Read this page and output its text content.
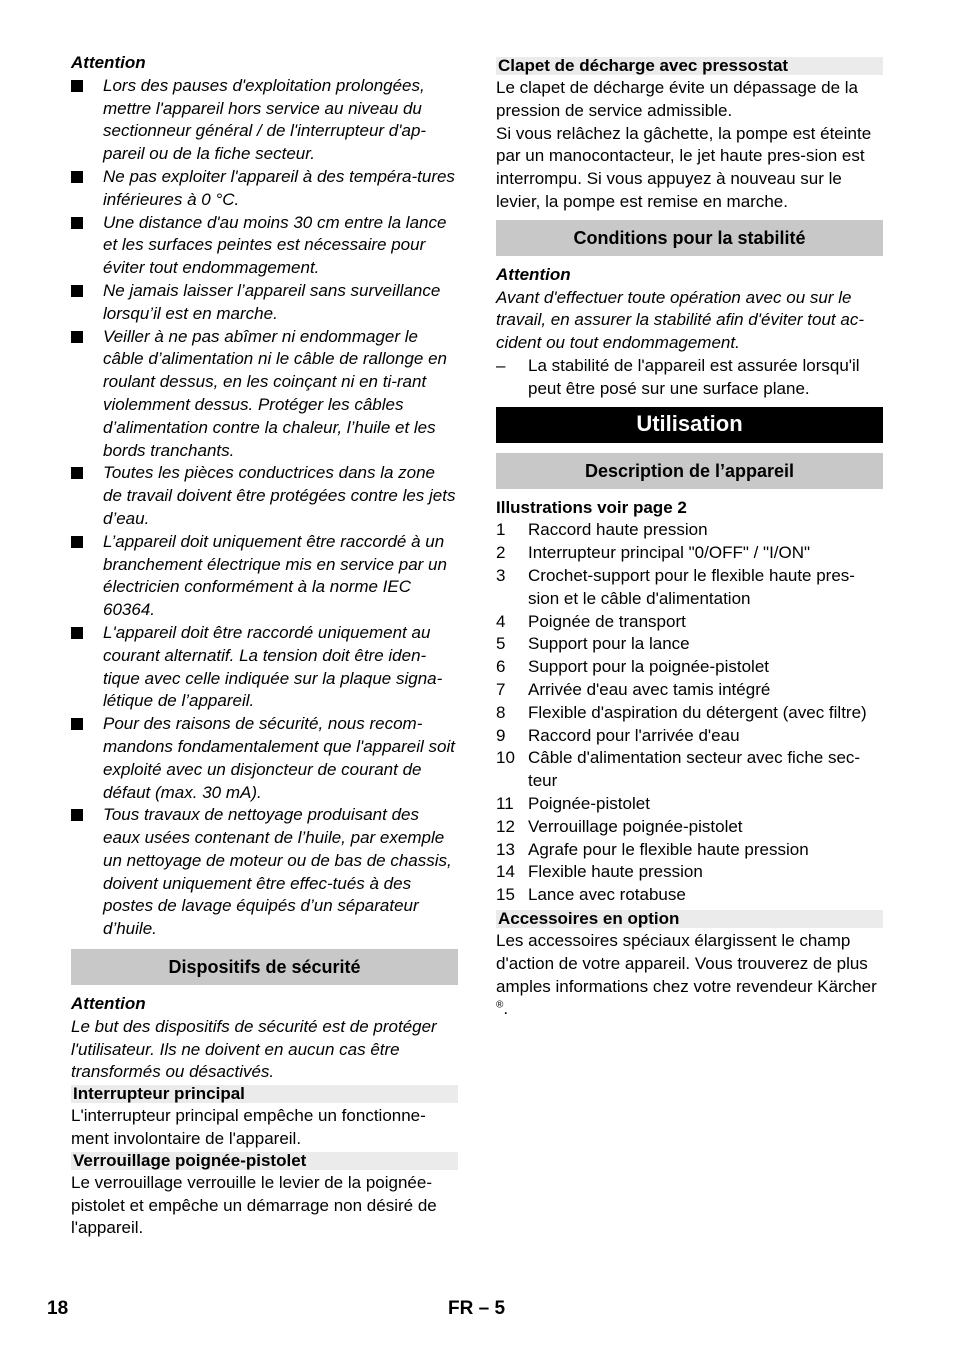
Attention

Lors des pauses d'exploitation prolongées, mettre l'appareil hors service au niveau du sectionneur général / de l'interrupteur d'ap-pareil ou de la fiche secteur.
Ne pas exploiter l'appareil à des tempéra-tures inférieures à 0 °C.
Une distance d'au moins 30 cm entre la lance et les surfaces peintes est nécessaire pour éviter tout endommagement.
Ne jamais laisser l’appareil sans surveillance lorsqu’il est en marche.
Veiller à ne pas abîmer ni endommager le câble d’alimentation ni le câble de rallonge en roulant dessus, en les coinçant ni en ti-rant violemment dessus. Protéger les câbles d’alimentation contre la chaleur, l’huile et les bords tranchants.
Toutes les pièces conductrices dans la zone de travail doivent être protégées contre les jets d’eau.
L’appareil doit uniquement être raccordé à un branchement électrique mis en service par un électricien conformément à la norme IEC 60364.
L'appareil doit être raccordé uniquement au courant alternatif. La tension doit être iden-tique avec celle indiquée sur la plaque signa-létique de l’appareil.
Pour des raisons de sécurité, nous recom-mandons fondamentalement que l'appareil soit exploité avec un disjoncteur de courant de défaut (max. 30 mA).
Tous travaux de nettoyage produisant des eaux usées contenant de l’huile, par exemple un nettoyage de moteur ou de bas de chassis, doivent uniquement être effec-tués à des postes de lavage équipés d’un séparateur d’huile.
Dispositifs de sécurité

Attention

Le but des dispositifs de sécurité est de protéger l'utilisateur. Ils ne doivent en aucun cas être transformés ou désactivés.

Interrupteur principal

L'interrupteur principal empêche un fonctionne-ment involontaire de l'appareil.

Verrouillage poignée-pistolet

Le verrouillage verrouille le levier de la poignée-pistolet et empêche un démarrage non désiré de l'appareil.

Clapet de décharge avec pressostat

Le clapet de décharge évite un dépassage de la pression de service admissible.

Si vous relâchez la gâchette, la pompe est éteinte par un manocontacteur, le jet haute pres-sion est interrompu. Si vous appuyez à nouveau sur le levier, la pompe est remise en marche.

Conditions pour la stabilité

Attention

Avant d'effectuer toute opération avec ou sur le travail, en assurer la stabilité afin d'éviter tout ac-cident ou tout endommagement.

– La stabilité de l'appareil est assurée lorsqu'il peut être posé sur une surface plane.
Utilisation
Description de l’appareil

Illustrations voir page 2

1 Raccord haute pression
2 Interrupteur principal "0/OFF" / "I/ON"
3 Crochet-support pour le flexible haute pres-sion et le câble d'alimentation
4 Poignée de transport
5 Support pour la lance
6 Support pour la poignée-pistolet
7 Arrivée d'eau avec tamis intégré
8 Flexible d'aspiration du détergent (avec filtre)
9 Raccord pour l'arrivée d'eau
10 Câble d'alimentation secteur avec fiche sec-teur
11 Poignée-pistolet
12 Verrouillage poignée-pistolet
13 Agrafe pour le flexible haute pression
14 Flexible haute pression
15 Lance avec rotabuse
Accessoires en option

Les accessoires spéciaux élargissent le champ d'action de votre appareil. Vous trouverez de plus amples informations chez votre revendeur Kärcher ®.

18	FR – 5
